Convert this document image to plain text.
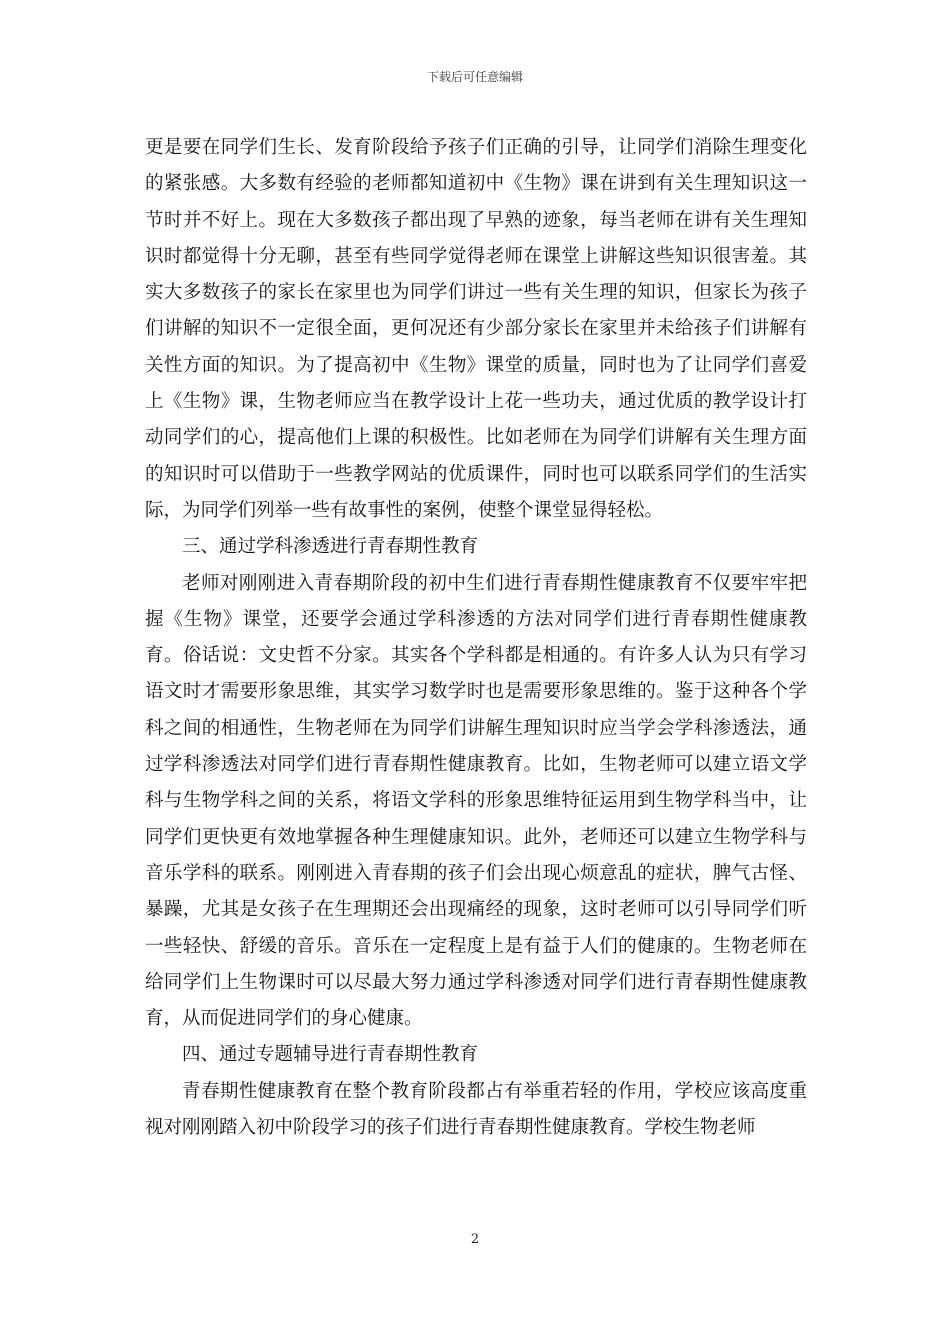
下载后可任意编辑

更是要在同学们生长、发育阶段给予孩子们正确的引导，让同学们消除生理变化的紧张感。大多数有经验的老师都知道初中《生物》课在讲到有关生理知识这一节时并不好上。现在大多数孩子都出现了早熟的迹象，每当老师在讲有关生理知识时都觉得十分无聊，甚至有些同学觉得老师在课堂上讲解这些知识很害羞。其实大多数孩子的家长在家里也为同学们讲过一些有关生理的知识，但家长为孩子们讲解的知识不一定很全面，更何况还有少部分家长在家里并未给孩子们讲解有关性方面的知识。为了提高初中《生物》课堂的质量，同时也为了让同学们喜爱上《生物》课，生物老师应当在教学设计上花一些功夫，通过优质的教学设计打动同学们的心，提高他们上课的积极性。比如老师在为同学们讲解有关生理方面的知识时可以借助于一些教学网站的优质课件，同时也可以联系同学们的生活实际，为同学们列举一些有故事性的案例，使整个课堂显得轻松。

三、通过学科渗透进行青春期性教育

老师对刚刚进入青春期阶段的初中生们进行青春期性健康教育不仅要牢牢把握《生物》课堂，还要学会通过学科渗透的方法对同学们进行青春期性健康教育。俗话说：文史哲不分家。其实各个学科都是相通的。有许多人认为只有学习语文时才需要形象思维，其实学习数学时也是需要形象思维的。鉴于这种各个学科之间的相通性，生物老师在为同学们讲解生理知识时应当学会学科渗透法，通过学科渗透法对同学们进行青春期性健康教育。比如，生物老师可以建立语文学科与生物学科之间的关系，将语文学科的形象思维特征运用到生物学科当中，让同学们更快更有效地掌握各种生理健康知识。此外，老师还可以建立生物学科与音乐学科的联系。刚刚进入青春期的孩子们会出现心烦意乱的症状，脾气古怪、暴躁，尤其是女孩子在生理期还会出现痛经的现象，这时老师可以引导同学们听一些轻快、舒缓的音乐。音乐在一定程度上是有益于人们的健康的。生物老师在给同学们上生物课时可以尽最大努力通过学科渗透对同学们进行青春期性健康教育，从而促进同学们的身心健康。

四、通过专题辅导进行青春期性教育

青春期性健康教育在整个教育阶段都占有举重若轻的作用，学校应该高度重视对刚刚踏入初中阶段学习的孩子们进行青春期性健康教育。学校生物老师

2
